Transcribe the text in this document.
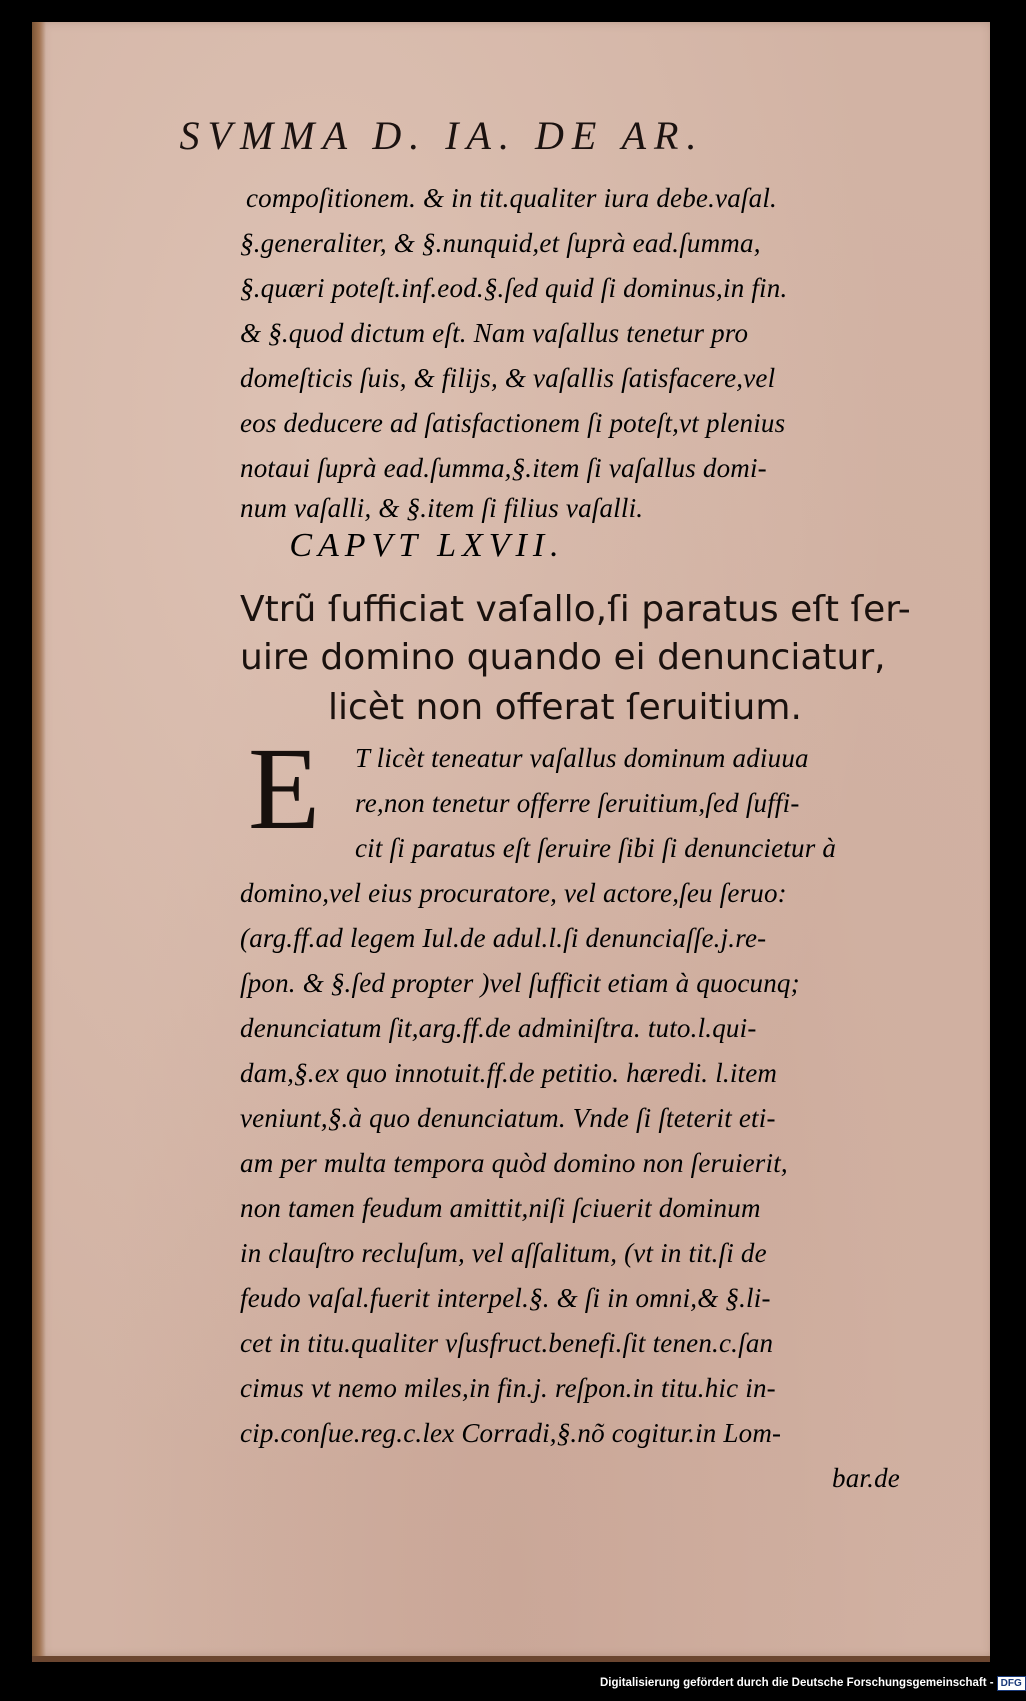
SVMMA D. IA. DE AR.
compoſitionem. & in tit.qualiter iura debe.vaſal.
§.generaliter, & §.nunquid,et ſuprà ead.ſumma,
§.quæri poteſt.inf.eod.§.ſed quid ſi dominus,in fin.
& §.quod dictum eſt. Nam vaſallus tenetur pro
domeſticis ſuis, & filijs, & vaſallis ſatisfacere,vel
eos deducere ad ſatisfactionem ſi poteſt,vt plenius
notaui ſuprà ead.ſumma,§.item ſi vaſallus domi-
num vaſalli, & §.item ſi filius vaſalli.
CAPVT LXVII.
Vtrũ ſufficiat vaſallo,ſi paratus eſt ſer-
uire domino quando ei denunciatur,
licèt non offerat ſeruitium.
E T licèt teneatur vaſallus dominum adiuua
re,non tenetur offerre ſeruitium,ſed ſuffi-
cit ſi paratus eſt ſeruire ſibi ſi denuncietur à
domino,vel eius procuratore, vel actore,ſeu ſeruo:
(arg.ff.ad legem Iul.de adul.l.ſi denunciaſſe.j.re-
ſpon. & §.ſed propter )vel ſufficit etiam à quocunq;
denunciatum ſit,arg.ff.de adminiſtra. tuto.l.qui-
dam,§.ex quo innotuit.ff.de petitio. hæredi. l.item
veniunt,§.à quo denunciatum. Vnde ſi ſteterit eti-
am per multa tempora quòd domino non ſeruierit,
non tamen feudum amittit,niſi ſciuerit dominum
in clauſtro recluſum, vel aſſalitum, (vt in tit.ſi de
feudo vaſal.fuerit interpel.§. & ſi in omni,& §.li-
cet in titu.qualiter vſusfruct.benefi.ſit tenen.c.ſan
cimus vt nemo miles,in fin.j. reſpon.in titu.hic in-
cip.conſue.reg.c.lex Corradi,§.nõ cogitur.in Lom-
bar.de
Digitalisierung gefördert durch die Deutsche Forschungsgemeinschaft - DFG
